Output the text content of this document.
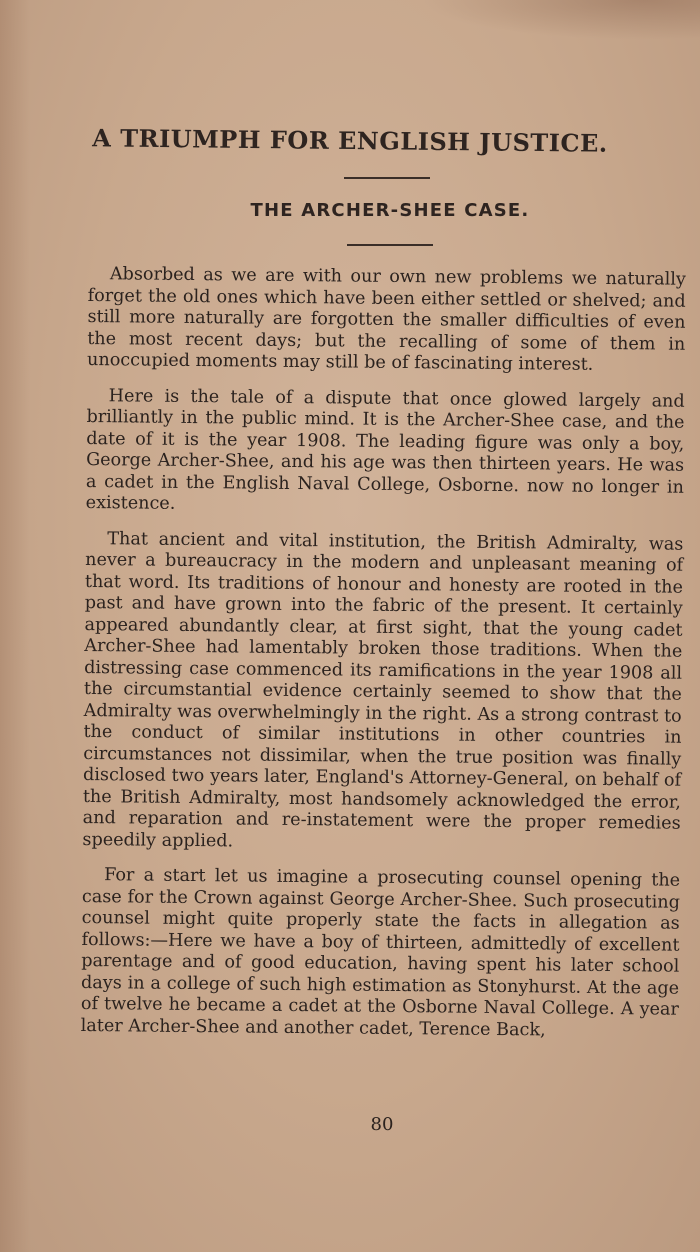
A TRIUMPH FOR ENGLISH JUSTICE.
THE ARCHER-SHEE CASE.

Absorbed as we are with our own new problems we naturally forget the old ones which have been either settled or shelved; and still more naturally are forgotten the smaller difficulties of even the most recent days; but the recalling of some of them in unoccupied moments may still be of fascinating interest.

Here is the tale of a dispute that once glowed largely and brilliantly in the public mind. It is the Archer-Shee case, and the date of it is the year 1908. The leading figure was only a boy, George Archer-Shee, and his age was then thirteen years. He was a cadet in the English Naval College, Osborne. now no longer in existence.

That ancient and vital institution, the British Admiralty, was never a bureaucracy in the modern and unpleasant meaning of that word. Its traditions of honour and honesty are rooted in the past and have grown into the fabric of the present. It certainly appeared abundantly clear, at first sight, that the young cadet Archer-Shee had lamentably broken those traditions. When the distressing case commenced its ramifications in the year 1908 all the circumstantial evidence certainly seemed to show that the Admiralty was overwhelmingly in the right. As a strong contrast to the conduct of similar institutions in other countries in circumstances not dissimilar, when the true position was finally disclosed two years later, England's Attorney-General, on behalf of the British Admiralty, most handsomely acknowledged the error, and reparation and re-instatement were the proper remedies speedily applied.

For a start let us imagine a prosecuting counsel opening the case for the Crown against George Archer-Shee. Such prosecuting counsel might quite properly state the facts in allegation as follows:—Here we have a boy of thirteen, admittedly of excellent parentage and of good education, having spent his later school days in a college of such high estimation as Stonyhurst. At the age of twelve he became a cadet at the Osborne Naval College. A year later Archer-Shee and another cadet, Terence Back,

80
